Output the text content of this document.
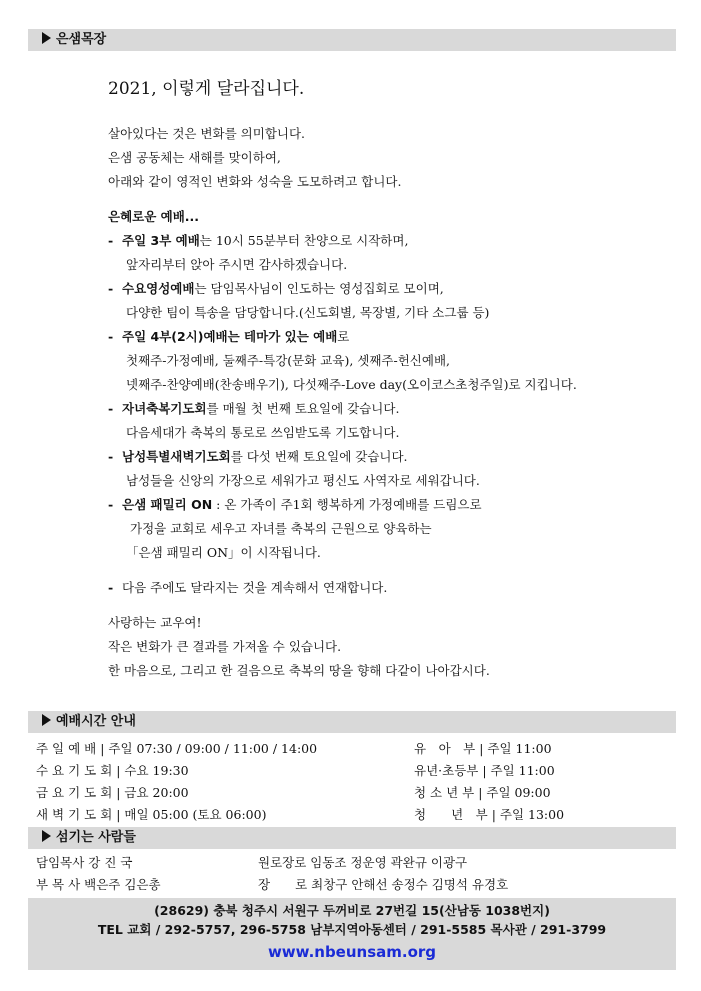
은샘목장
2021, 이렇게 달라집니다.

살아있다는 것은 변화를 의미합니다.

은샘 공동체는 새해를 맞이하여,

아래와 같이 영적인 변화와 성숙을 도모하려고 합니다.

은혜로운 예배...

- 주일 3부 예배는 10시 55분부터 찬양으로 시작하며,

앞자리부터 앉아 주시면 감사하겠습니다.

- 수요영성예배는 담임목사님이 인도하는 영성집회로 모이며,

다양한 팀이 특송을 담당합니다.(신도회별, 목장별, 기타 소그룹 등)

- 주일 4부(2시)예배는 테마가 있는 예배로

첫째주-가정예배, 둘째주-특강(문화 교육), 셋째주-헌신예배,

넷째주-찬양예배(찬송배우기), 다섯째주-Love day(오이코스초청주일)로 지킵니다.

- 자녀축복기도회를 매월 첫 번째 토요일에 갖습니다.

다음세대가 축복의 통로로 쓰임받도록 기도합니다.

- 남성특별새벽기도회를 다섯 번째 토요일에 갖습니다.

남성들을 신앙의 가장으로 세워가고 평신도 사역자로 세워갑니다.

- 은샘 패밀리 ON : 온 가족이 주1회 행복하게 가정예배를 드림으로

가정을 교회로 세우고 자녀를 축복의 근원으로 양육하는

「은샘 패밀리 ON」이 시작됩니다.

- 다음 주에도 달라지는 것을 계속해서 연재합니다.

사랑하는 교우여!

작은 변화가 큰 결과를 가져올 수 있습니다.

한 마음으로, 그리고 한 걸음으로 축복의 땅을 향해 다같이 나아갑시다.

예배시간 안내
주 일 예 배 | 주일 07:30 / 09:00 / 11:00 / 14:00	유　아　부 | 주일 11:00
수 요 기 도 회 | 수요 19:30	유년·초등부 | 주일 11:00
금 요 기 도 회 | 금요 20:00	청 소 년 부 | 주일 09:00
새 벽 기 도 회 | 매일 05:00 (토요 06:00)	청　　년　부 | 주일 13:00
섬기는 사람들
담임목사 강 진 국	원로장로 임동조 정운영 곽완규 이광구
부 목 사 백은주 김은총	장　　로 최창구 안해선 송정수 김명석 유경호
(28629) 충북 청주시 서원구 두꺼비로 27번길 15(산남동 1038번지)
TEL 교회 / 292-5757, 296-5758 남부지역아동센터 / 291-5585 목사관 / 291-3799
www.nbeunsam.org
